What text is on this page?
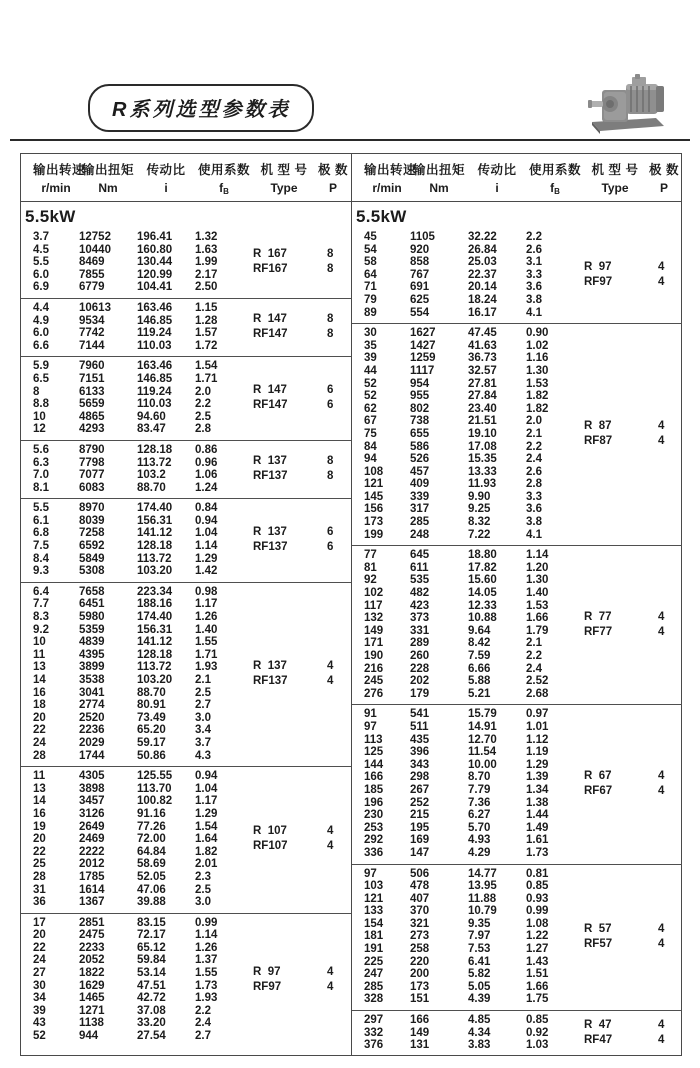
R系列选型参数表
输出转速
r/min
输出扭矩
Nm
传动比
i
使用系数
$f_B$
机 型 号
Type
极 数
P
输出转速
r/min
输出扭矩
Nm
传动比
i
使用系数
$f_B$
机 型 号
Type
极 数
P
5.5kW
3.7
4.5
5.5
6.0
6.9
12752
10440
8469
7855
6779
196.41
160.80
130.44
120.99
104.41
1.32
1.63
1.99
2.17
2.50
R  167
RF167
8
8
4.4
4.9
6.0
6.6
10613
9534
7742
7144
163.46
146.85
119.24
110.03
1.15
1.28
1.57
1.72
R  147
RF147
8
8
5.9
6.5
8
8.8
10
12
7960
7151
6133
5659
4865
4293
163.46
146.85
119.24
110.03
94.60
83.47
1.54
1.71
2.0
2.2
2.5
2.8
R  147
RF147
6
6
5.6
6.3
7.0
8.1
8790
7798
7077
6083
128.18
113.72
103.2
88.70
0.86
0.96
1.06
1.24
R  137
RF137
8
8
5.5
6.1
6.8
7.5
8.4
9.3
8970
8039
7258
6592
5849
5308
174.40
156.31
141.12
128.18
113.72
103.20
0.84
0.94
1.04
1.14
1.29
1.42
R  137
RF137
6
6
6.4
7.7
8.3
9.2
10
11
13
14
16
18
20
22
24
28
7658
6451
5980
5359
4839
4395
3899
3538
3041
2774
2520
2236
2029
1744
223.34
188.16
174.40
156.31
141.12
128.18
113.72
103.20
88.70
80.91
73.49
65.20
59.17
50.86
0.98
1.17
1.26
1.40
1.55
1.71
1.93
2.1
2.5
2.7
3.0
3.4
3.7
4.3
R  137
RF137
4
4
11
13
14
16
19
20
22
25
28
31
36
4305
3898
3457
3126
2649
2469
2222
2012
1785
1614
1367
125.55
113.70
100.82
91.16
77.26
72.00
64.84
58.69
52.05
47.06
39.88
0.94
1.04
1.17
1.29
1.54
1.64
1.82
2.01
2.3
2.5
3.0
R  107
RF107
4
4
17
20
22
24
27
30
34
39
43
52
2851
2475
2233
2052
1822
1629
1465
1271
1138
944
83.15
72.17
65.12
59.84
53.14
47.51
42.72
37.08
33.20
27.54
0.99
1.14
1.26
1.37
1.55
1.73
1.93
2.2
2.4
2.7
R  97
RF97
4
4
5.5kW
45
54
58
64
71
79
89
1105
920
858
767
691
625
554
32.22
26.84
25.03
22.37
20.14
18.24
16.17
2.2
2.6
3.1
3.3
3.6
3.8
4.1
R  97
RF97
4
4
30
35
39
44
52
52
62
67
75
84
94
108
121
145
156
173
199
1627
1427
1259
1117
954
955
802
738
655
586
526
457
409
339
317
285
248
47.45
41.63
36.73
32.57
27.81
27.84
23.40
21.51
19.10
17.08
15.35
13.33
11.93
9.90
9.25
8.32
7.22
0.90
1.02
1.16
1.30
1.53
1.82
1.82
2.0
2.1
2.2
2.4
2.6
2.8
3.3
3.6
3.8
4.1
R  87
RF87
4
4
77
81
92
102
117
132
149
171
190
216
245
276
645
611
535
482
423
373
331
289
260
228
202
179
18.80
17.82
15.60
14.05
12.33
10.88
9.64
8.42
7.59
6.66
5.88
5.21
1.14
1.20
1.30
1.40
1.53
1.66
1.79
2.1
2.2
2.4
2.52
2.68
R  77
RF77
4
4
91
97
113
125
144
166
185
196
230
253
292
336
541
511
435
396
343
298
267
252
215
195
169
147
15.79
14.91
12.70
11.54
10.00
8.70
7.79
7.36
6.27
5.70
4.93
4.29
0.97
1.01
1.12
1.19
1.29
1.39
1.34
1.38
1.44
1.49
1.61
1.73
R  67
RF67
4
4
97
103
121
133
154
181
191
225
247
285
328
506
478
407
370
321
273
258
220
200
173
151
14.77
13.95
11.88
10.79
9.35
7.97
7.53
6.41
5.82
5.05
4.39
0.81
0.85
0.93
0.99
1.08
1.22
1.27
1.43
1.51
1.66
1.75
R  57
RF57
4
4
297
332
376
166
149
131
4.85
4.34
3.83
0.85
0.92
1.03
R  47
RF47
4
4
